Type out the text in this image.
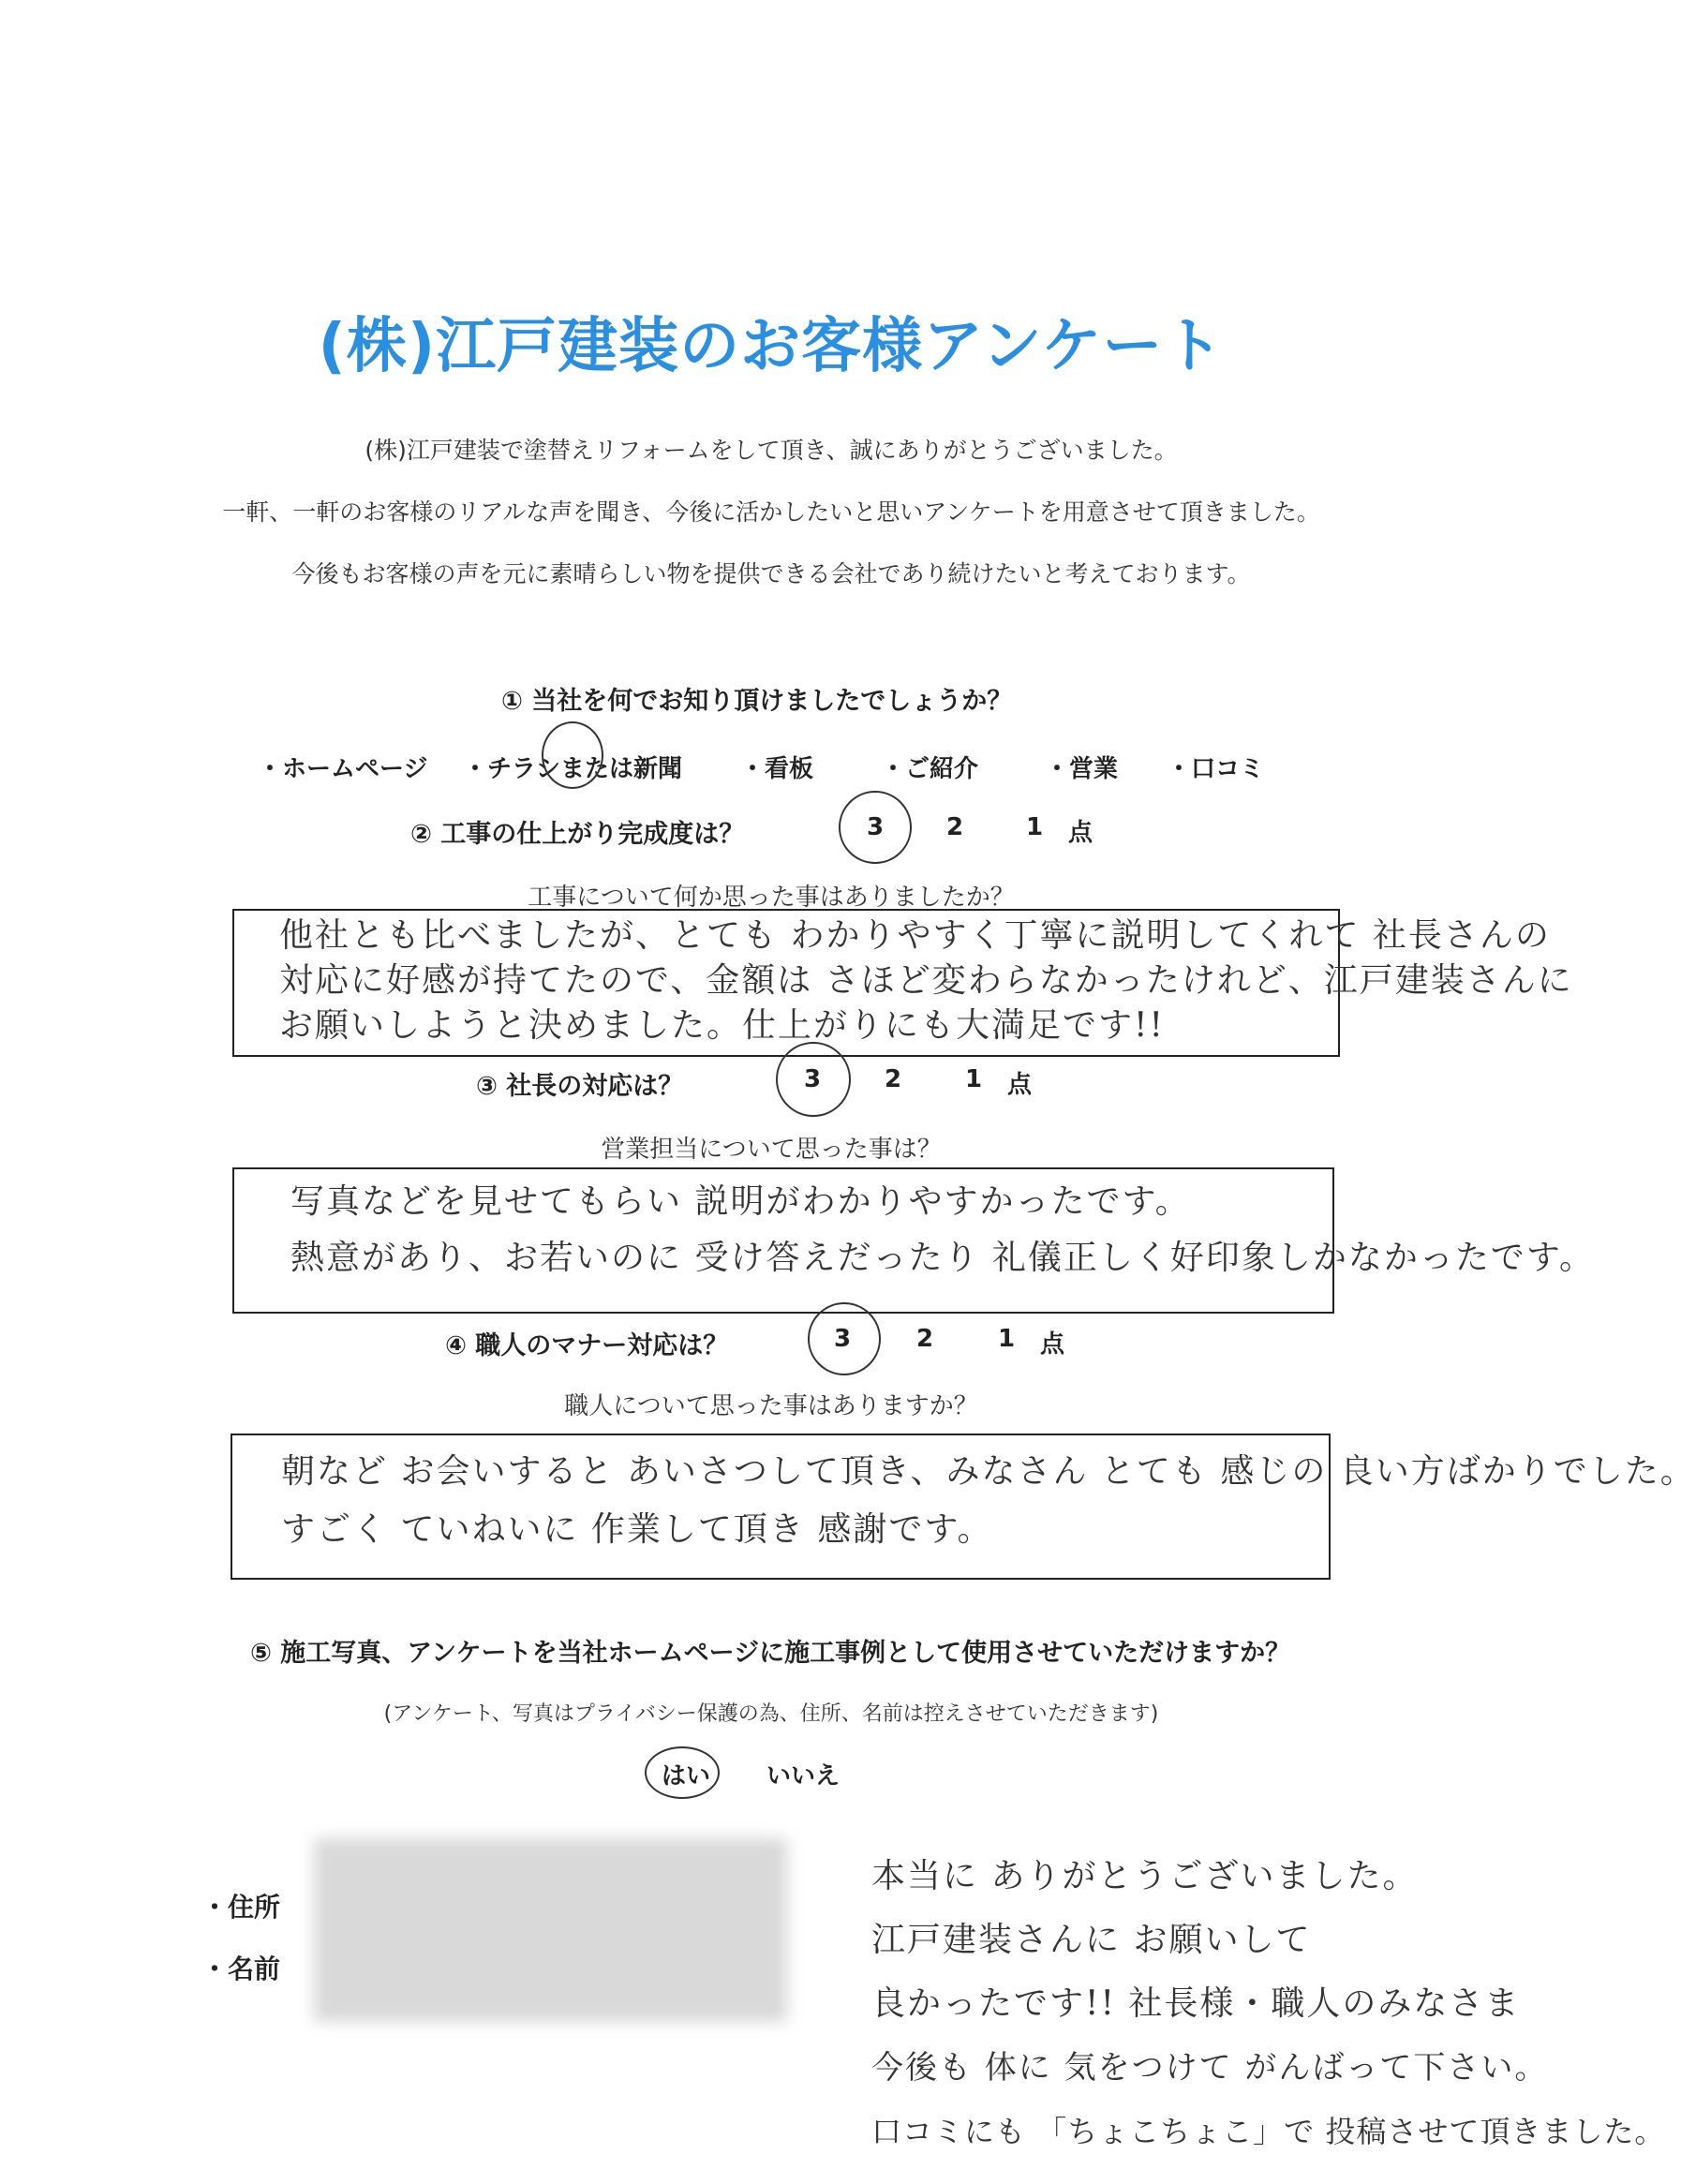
(株)江戸建装のお客様アンケート
(株)江戸建装で塗替えリフォームをして頂き、誠にありがとうございました。
一軒、一軒のお客様のリアルな声を聞き、今後に活かしたいと思いアンケートを用意させて頂きました。
今後もお客様の声を元に素晴らしい物を提供できる会社であり続けたいと考えております。
① 当社を何でお知り頂けましたでしょうか？
・ホームページ ・チラシまたは新聞 ・看板	・ご紹介	・営業 ・口コミ
② 工事の仕上がり完成度は？	3	2	1 点
工事について何か思った事はありましたか？
他社とも比べましたが、とても わかりやすく丁寧に説明してくれて 社長さんの
対応に好感が持てたので、金額は さほど変わらなかったけれど、江戸建装さんに
お願いしようと決めました。仕上がりにも大満足です!!
③ 社長の対応は？	3	2	1 点
営業担当について思った事は？
写真などを見せてもらい 説明がわかりやすかったです。
熱意があり、お若いのに 受け答えだったり 礼儀正しく好印象しかなかったです。
④ 職人のマナー対応は？	3	2	1 点
職人について思った事はありますか？
朝など お会いすると あいさつして頂き、みなさん とても 感じの 良い方ばかりでした。
すごく ていねいに 作業して頂き 感謝です。
⑤ 施工写真、アンケートを当社ホームページに施工事例として使用させていただけますか？
(アンケート、写真はプライバシー保護の為、住所、名前は控えさせていただきます)
はい いいえ
・住所
・名前
本当に ありがとうございました。
江戸建装さんに お願いして
良かったです!! 社長様・職人のみなさま
今後も 体に 気をつけて がんばって下さい。
口コミにも 「ちょこちょこ」で 投稿させて頂きました。
